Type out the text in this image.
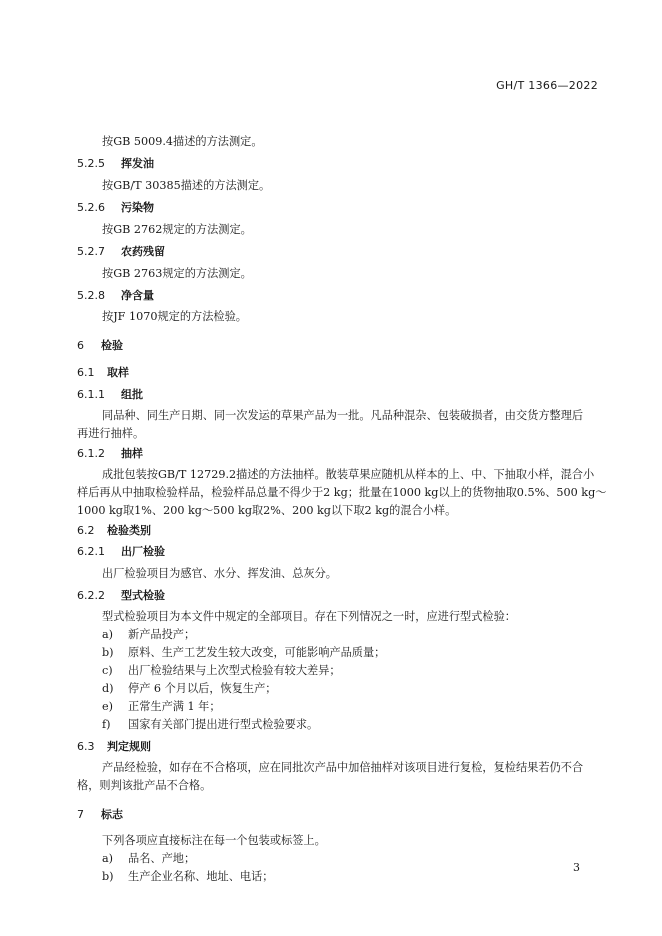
GH/T 1366—2022
按GB 5009.4描述的方法测定。
5.2.5 挥发油
按GB/T 30385描述的方法测定。
5.2.6 污染物
按GB 2762规定的方法测定。
5.2.7 农药残留
按GB 2763规定的方法测定。
5.2.8 净含量
按JF 1070规定的方法检验。
6 检验
6.1 取样
6.1.1 组批
同品种、同生产日期、同一次发运的草果产品为一批。凡品种混杂、包装破损者，由交货方整理后
再进行抽样。
6.1.2 抽样
成批包装按GB/T 12729.2描述的方法抽样。散装草果应随机从样本的上、中、下抽取小样，混合小
样后再从中抽取检验样品，检验样品总量不得少于2 kg；批量在1000 kg以上的货物抽取0.5%、500 kg～
1000 kg取1%、200 kg～500 kg取2%、200 kg以下取2 kg的混合小样。
6.2 检验类别
6.2.1 出厂检验
出厂检验项目为感官、水分、挥发油、总灰分。
6.2.2 型式检验
型式检验项目为本文件中规定的全部项目。存在下列情况之一时，应进行型式检验：
a) 新产品投产；
b) 原料、生产工艺发生较大改变，可能影响产品质量；
c) 出厂检验结果与上次型式检验有较大差异；
d) 停产 6 个月以后，恢复生产；
e) 正常生产满 1 年；
f) 国家有关部门提出进行型式检验要求。
6.3 判定规则
产品经检验，如存在不合格项，应在同批次产品中加倍抽样对该项目进行复检，复检结果若仍不合
格，则判该批产品不合格。
7 标志
下列各项应直接标注在每一个包装或标签上。
a) 品名、产地；
b) 生产企业名称、地址、电话；
3
